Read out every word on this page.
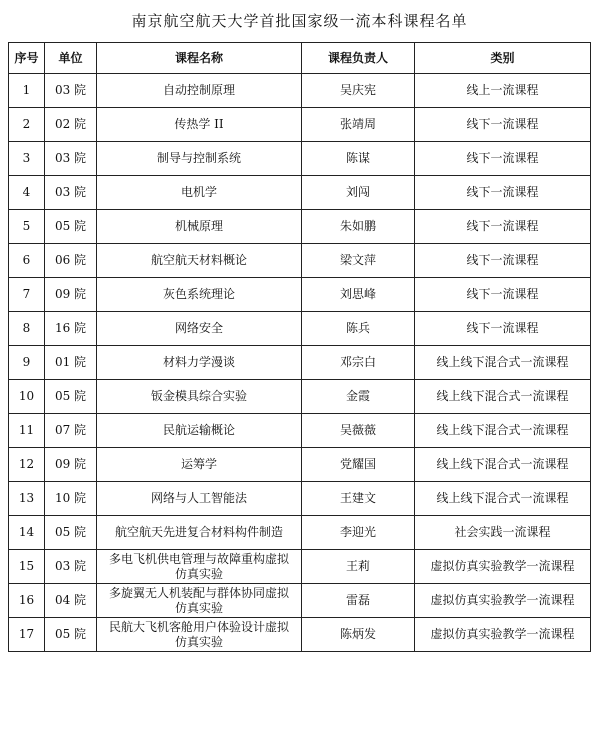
南京航空航天大学首批国家级一流本科课程名单
序号	单位	课程名称	课程负责人	类别
1	03 院	自动控制原理	吴庆宪	线上一流课程
2	02 院	传热学 II	张靖周	线下一流课程
3	03 院	制导与控制系统	陈谋	线下一流课程
4	03 院	电机学	刘闯	线下一流课程
5	05 院	机械原理	朱如鹏	线下一流课程
6	06 院	航空航天材料概论	梁文萍	线下一流课程
7	09 院	灰色系统理论	刘思峰	线下一流课程
8	16 院	网络安全	陈兵	线下一流课程
9	01 院	材料力学漫谈	邓宗白	线上线下混合式一流课程
10	05 院	钣金模具综合实验	金霞	线上线下混合式一流课程
11	07 院	民航运输概论	吴薇薇	线上线下混合式一流课程
12	09 院	运筹学	党耀国	线上线下混合式一流课程
13	10 院	网络与人工智能法	王建文	线上线下混合式一流课程
14	05 院	航空航天先进复合材料构件制造	李迎光	社会实践一流课程
15	03 院	多电飞机供电管理与故障重构虚拟仿真实验	王莉	虚拟仿真实验教学一流课程
16	04 院	多旋翼无人机装配与群体协同虚拟仿真实验	雷磊	虚拟仿真实验教学一流课程
17	05 院	民航大飞机客舱用户体验设计虚拟仿真实验	陈炳发	虚拟仿真实验教学一流课程
